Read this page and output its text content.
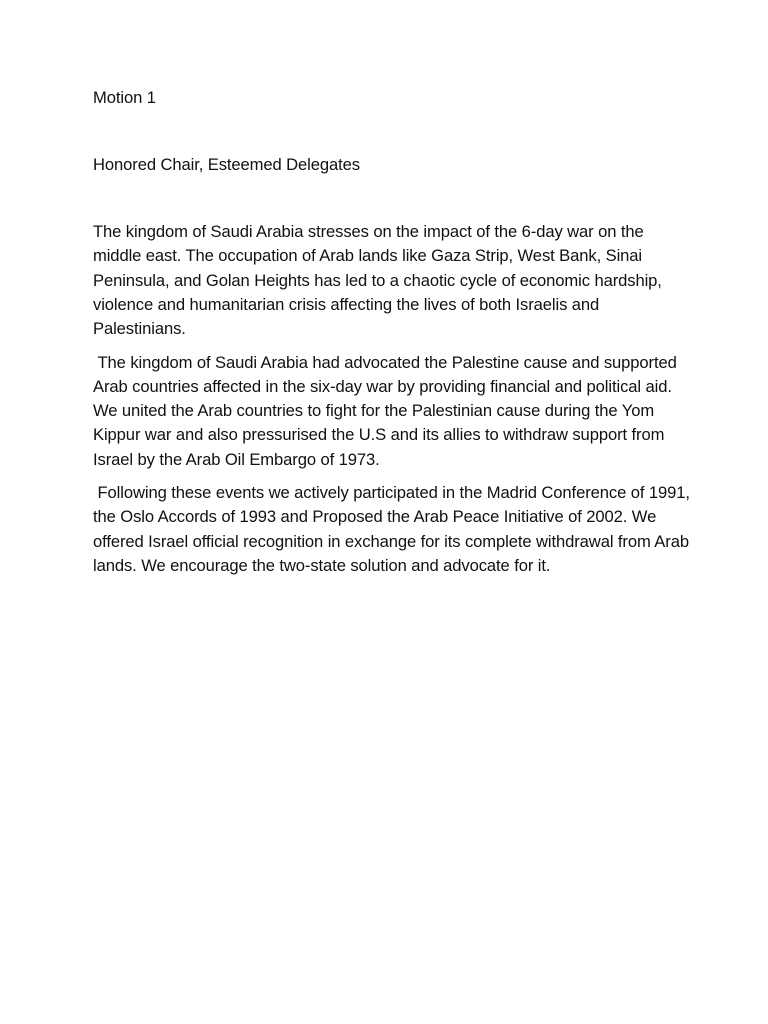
Motion 1

Honored Chair, Esteemed Delegates

The kingdom of Saudi Arabia stresses on the impact of the 6-day war on the middle east. The occupation of Arab lands like Gaza Strip, West Bank, Sinai Peninsula, and Golan Heights has led to a chaotic cycle of economic hardship, violence and humanitarian crisis affecting the lives of both Israelis and Palestinians.

The kingdom of Saudi Arabia had advocated the Palestine cause and supported Arab countries affected in the six-day war by providing financial and political aid. We united the Arab countries to fight for the Palestinian cause during the Yom Kippur war and also pressurised the U.S and its allies to withdraw support from Israel by the Arab Oil Embargo of 1973.

Following these events we actively participated in the Madrid Conference of 1991, the Oslo Accords of 1993 and Proposed the Arab Peace Initiative of 2002. We offered Israel official recognition in exchange for its complete withdrawal from Arab lands. We encourage the two-state solution and advocate for it.
